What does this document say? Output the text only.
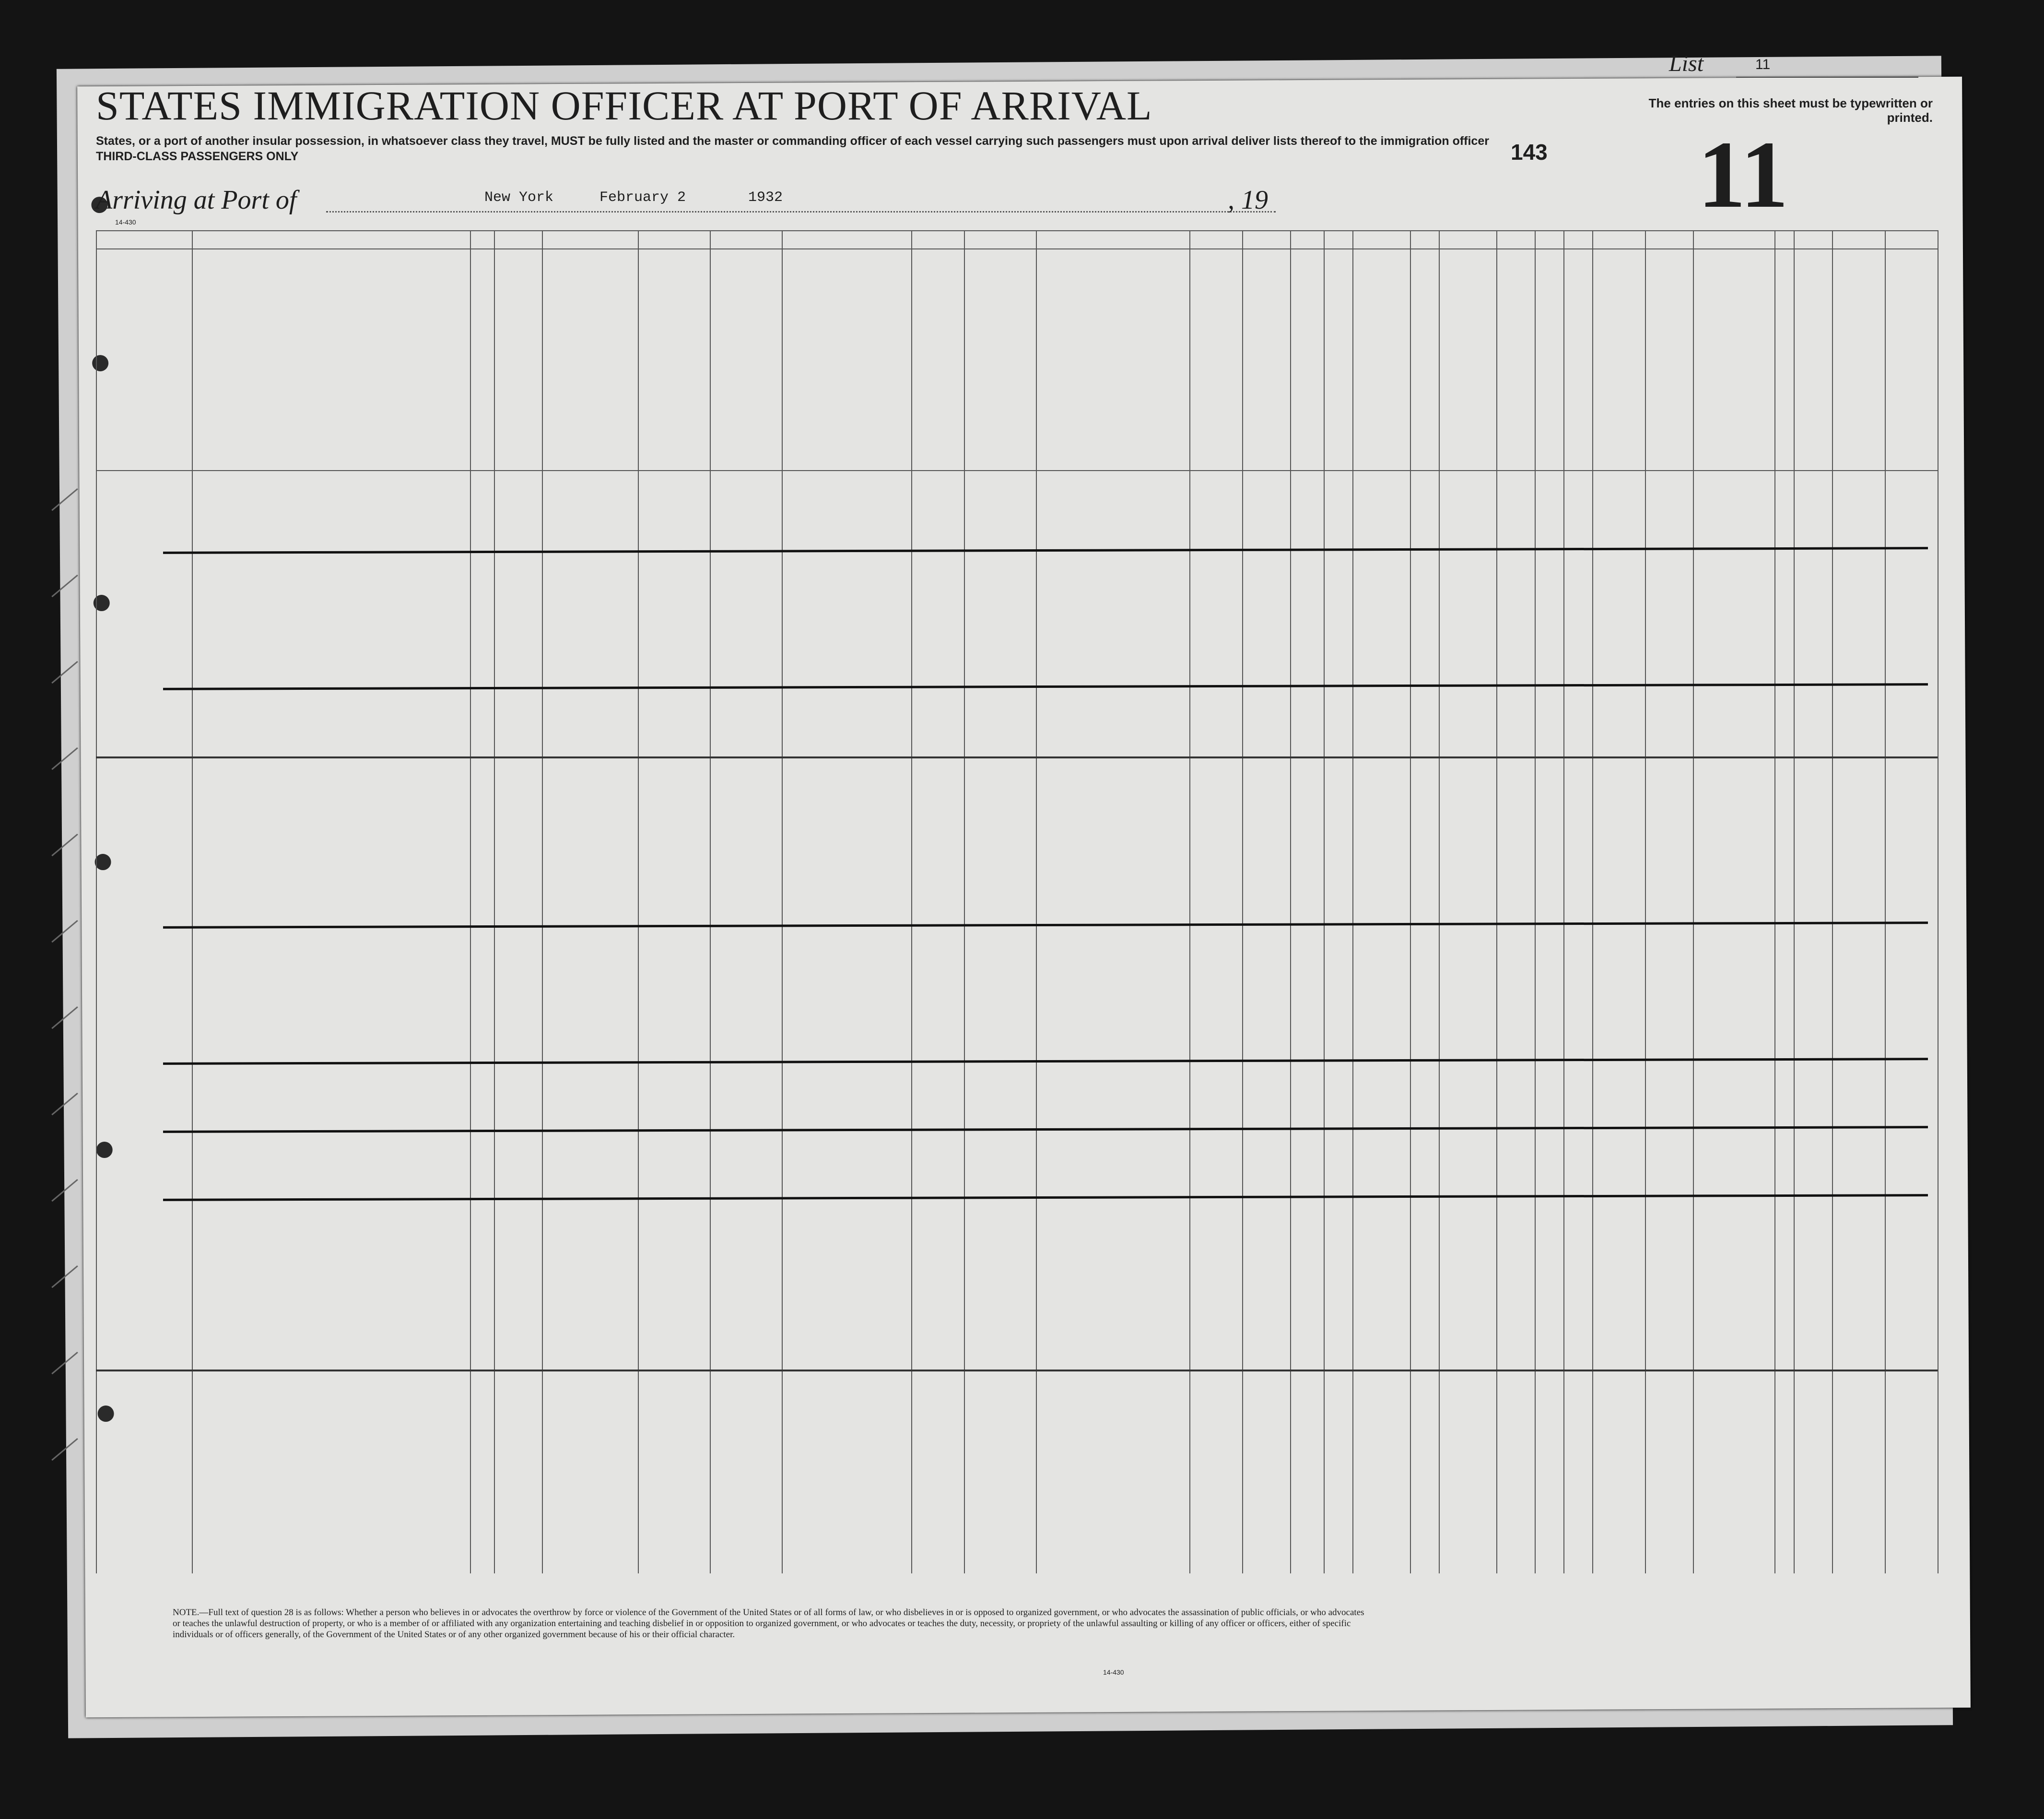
STATES IMMIGRATION OFFICER AT PORT OF ARRIVAL
States, or a port of another insular possession, in whatsoever class they travel, MUST be fully listed and the master or commanding officer of each vessel carrying such passengers must upon arrival deliver lists thereof to the immigration officer
THIRD-CLASS PASSENGERS ONLY
Arriving at Port of	New York	February 2	1932	, 19
List	11
The entries on this sheet must be typewritten or printed.
11
143
14-430
NOTE.—Full text of question 28 is as follows: Whether a person who believes in or advocates the overthrow by force or violence of the Government of the United States or of all forms of law, or who disbelieves in or is opposed to organized government, or who advocates the assassination of public officials, or who advocates or teaches the unlawful destruction of property, or who is a member of or affiliated with any organization entertaining and teaching disbelief in or opposition to organized government, or who advocates or teaches the duty, necessity, or propriety of the unlawful assaulting or killing of any officer or officers, either of specific individuals or of officers generally, of the Government of the United States or of any other organized government because of his or their official character.
14-430
